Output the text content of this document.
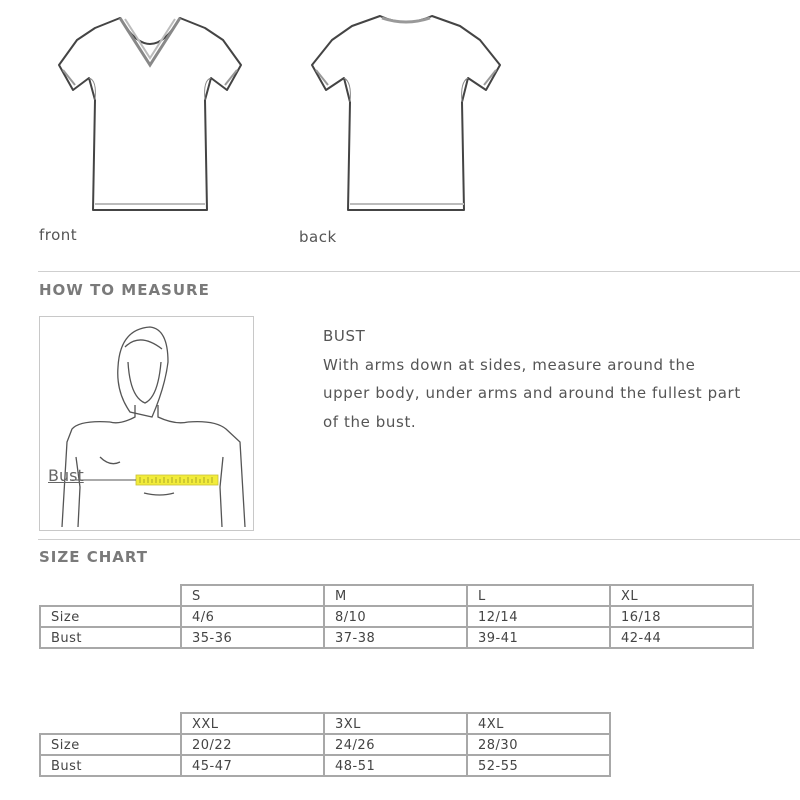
front	back
HOW TO MEASURE
Bust
BUST
With arms down at sides, measure around the
upper body, under arms and around the fullest part
of the bust.
SIZE CHART
	S	M	L	XL
Size	4/6	8/10	12/14	16/18
Bust	35-36	37-38	39-41	42-44
	XXL	3XL	4XL
Size	20/22	24/26	28/30
Bust	45-47	48-51	52-55
